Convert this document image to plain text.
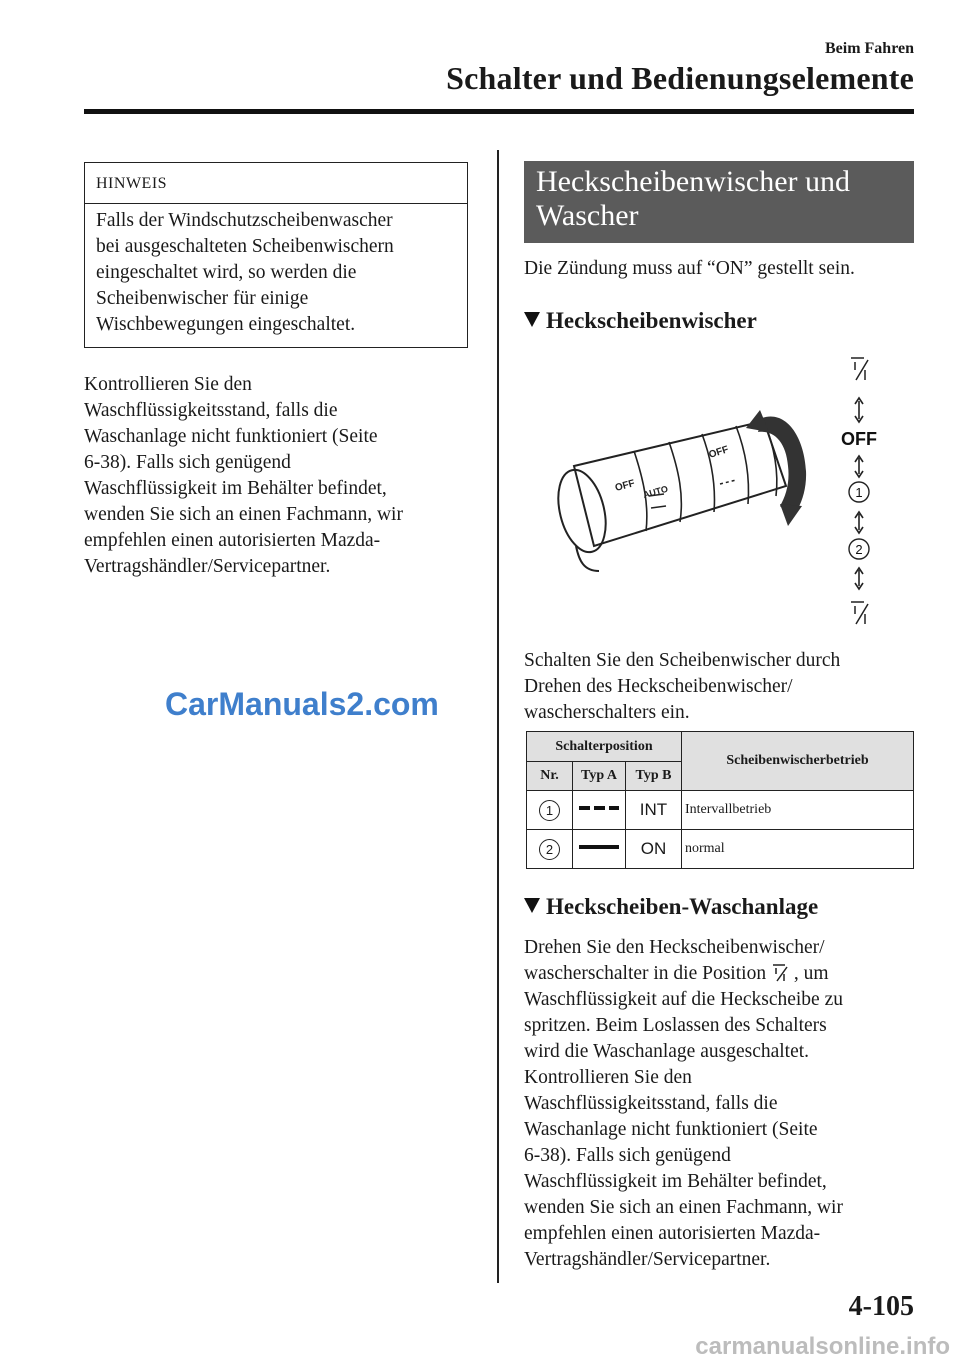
Beim Fahren
Schalter und Bedienungselemente
HINWEIS
Falls der Windschutzscheibenwascher
bei ausgeschalteten Scheibenwischern
eingeschaltet wird, so werden die
Scheibenwischer für einige
Wischbewegungen eingeschaltet.
Kontrollieren Sie den
Waschflüssigkeitsstand, falls die
Waschanlage nicht funktioniert (Seite
6-38). Falls sich genügend
Waschflüssigkeit im Behälter befindet,
wenden Sie sich an einen Fachmann, wir
empfehlen einen autorisierten Mazda-
Vertragshändler/Servicepartner.
CarManuals2.com
Heckscheibenwischer und
Wascher
Die Zündung muss auf “ON” gestellt sein.
Heckscheibenwischer
OFF AUTO
OFF
OFF
1
2
Schalten Sie den Scheibenwischer durch
Drehen des Heckscheibenwischer/
wascherschalters ein.
Schalterposition			Scheibenwischerbetrieb
Nr.	Typ A	Typ B	
1		INT	Intervallbetrieb
2		ON	normal
Heckscheiben-Waschanlage
Drehen Sie den Heckscheibenwischer/
wascherschalter in die Position , um
Waschflüssigkeit auf die Heckscheibe zu
spritzen. Beim Loslassen des Schalters
wird die Waschanlage ausgeschaltet.
Kontrollieren Sie den
Waschflüssigkeitsstand, falls die
Waschanlage nicht funktioniert (Seite
6-38). Falls sich genügend
Waschflüssigkeit im Behälter befindet,
wenden Sie sich an einen Fachmann, wir
empfehlen einen autorisierten Mazda-
Vertragshändler/Servicepartner.
4-105
carmanualsonline.info
